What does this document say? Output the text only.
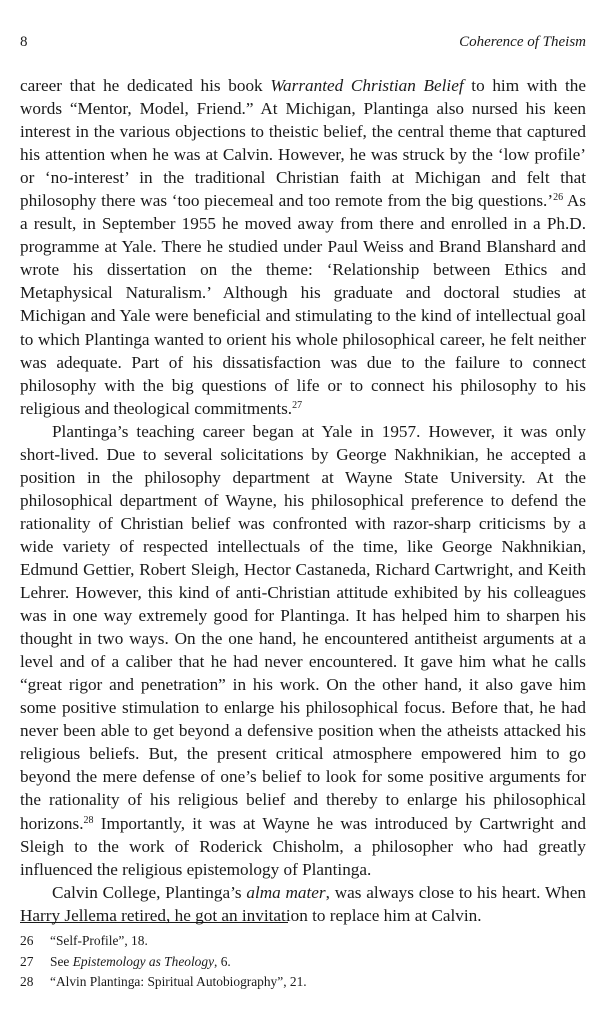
8	Coherence of Theism

career that he dedicated his book Warranted Christian Belief to him with the words “Mentor, Model, Friend.” At Michigan, Plantinga also nursed his keen interest in the various objections to theistic belief, the central theme that captured his attention when he was at Calvin. However, he was struck by the ‘low profile’ or ‘no-interest’ in the traditional Christian faith at Michigan and felt that philosophy there was ‘too piecemeal and too remote from the big questions.’$^{26}$ As a result, in September 1955 he moved away from there and enrolled in a Ph.D. programme at Yale. There he studied under Paul Weiss and Brand Blanshard and wrote his dissertation on the theme: ‘Relationship between Ethics and Metaphysical Naturalism.’ Although his graduate and doctoral studies at Michigan and Yale were beneficial and stimulating to the kind of intellectual goal to which Plantinga wanted to orient his whole philosophical career, he felt neither was adequate. Part of his dissatisfaction was due to the failure to connect philosophy with the big questions of life or to connect his philosophy to his religious and theological commitments.$^{27}$

Plantinga’s teaching career began at Yale in 1957. However, it was only short-lived. Due to several solicitations by George Nakhnikian, he accepted a position in the philosophy department at Wayne State University. At the philosophical department of Wayne, his philosophical preference to defend the rationality of Christian belief was confronted with razor-sharp criticisms by a wide variety of respected intellectuals of the time, like George Nakhnikian, Edmund Gettier, Robert Sleigh, Hector Castaneda, Richard Cartwright, and Keith Lehrer. However, this kind of anti-Christian attitude exhibited by his colleagues was in one way extremely good for Plantinga. It has helped him to sharpen his thought in two ways. On the one hand, he encountered antitheist arguments at a level and of a caliber that he had never encountered. It gave him what he calls “great rigor and penetration” in his work. On the other hand, it also gave him some positive stimulation to enlarge his philosophical focus. Before that, he had never been able to get beyond a defensive position when the atheists attacked his religious beliefs. But, the present critical atmosphere empowered him to go beyond the mere defense of one’s belief to look for some positive arguments for the rationality of his religious belief and thereby to enlarge his philosophical horizons.$^{28}$ Importantly, it was at Wayne he was introduced by Cartwright and Sleigh to the work of Roderick Chisholm, a philosopher who had greatly influenced the religious epistemology of Plantinga.

Calvin College, Plantinga’s alma mater, was always close to his heart. When Harry Jellema retired, he got an invitation to replace him at Calvin.

26	“Self-Profile”, 18.
27	See Epistemology as Theology, 6.
28	“Alvin Plantinga: Spiritual Autobiography”, 21.
